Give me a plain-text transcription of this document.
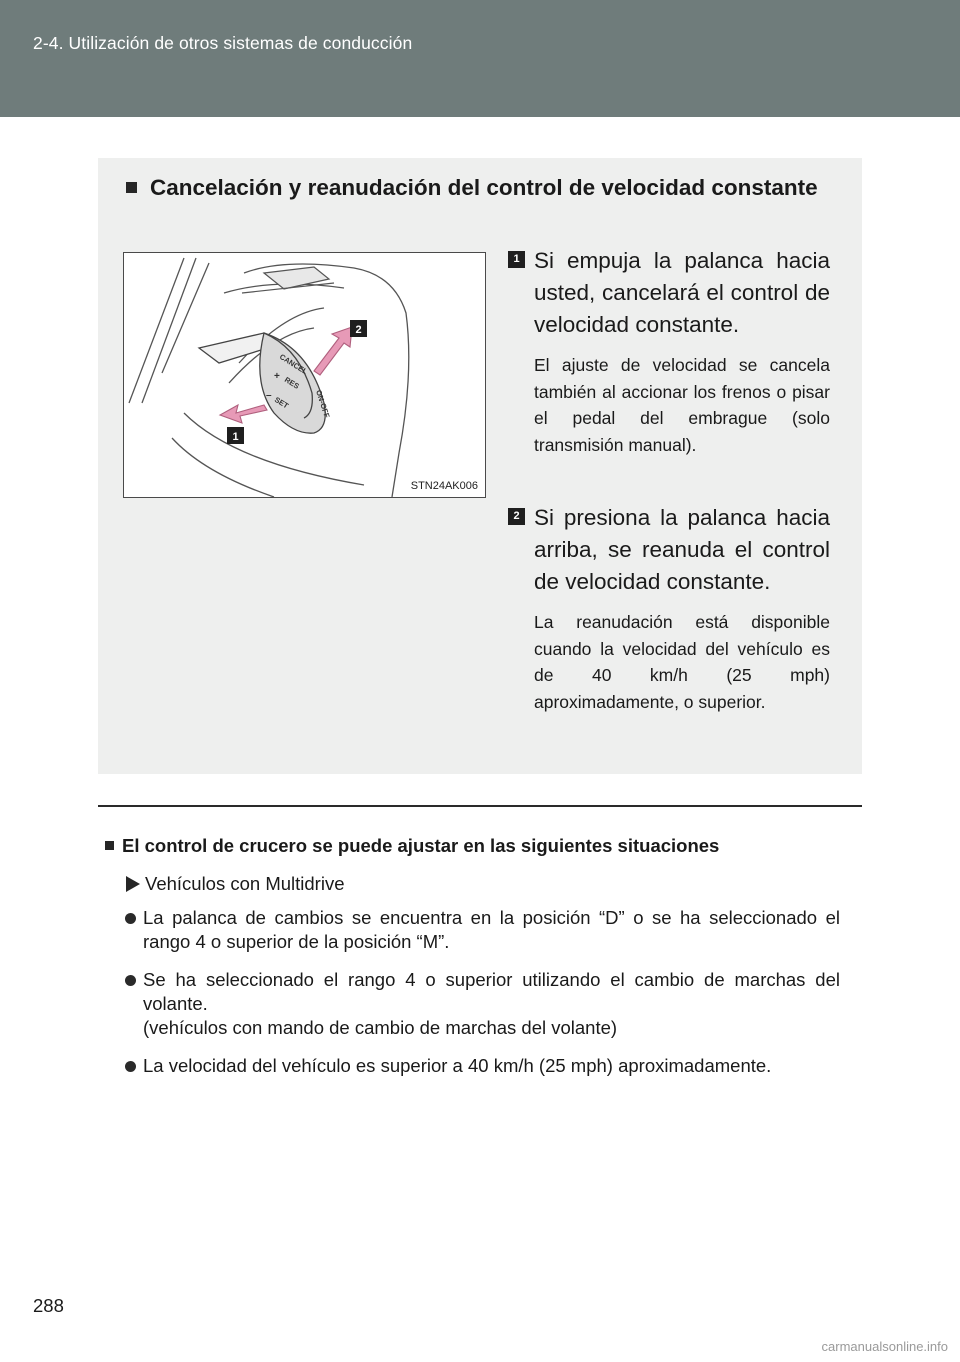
2-4. Utilización de otros sistemas de conducción
Cancelación y reanudación del control de velocidad constante
CANCEL
RES
SET	ON-OFF
+
–
2
1
STN24AK006
1 Si empuja la palanca hacia usted, cancelará el control de velocidad constante.
El ajuste de velocidad se cancela también al accionar los frenos o pisar el pedal del embrague (solo transmisión manual).
2 Si presiona la palanca hacia arriba, se reanuda el control de velocidad constante.
La reanudación está disponible cuando la velocidad del vehículo es de 40 km/h (25 mph) aproximadamente, o superior.
El control de crucero se puede ajustar en las siguientes situaciones
Vehículos con Multidrive
La palanca de cambios se encuentra en la posición “D” o se ha seleccionado el rango 4 o superior de la posición “M”.
Se ha seleccionado el rango 4 o superior utilizando el cambio de marchas del volante.
(vehículos con mando de cambio de marchas del volante)
La velocidad del vehículo es superior a 40 km/h (25 mph) aproximadamente.
288
carmanualsonline.info
